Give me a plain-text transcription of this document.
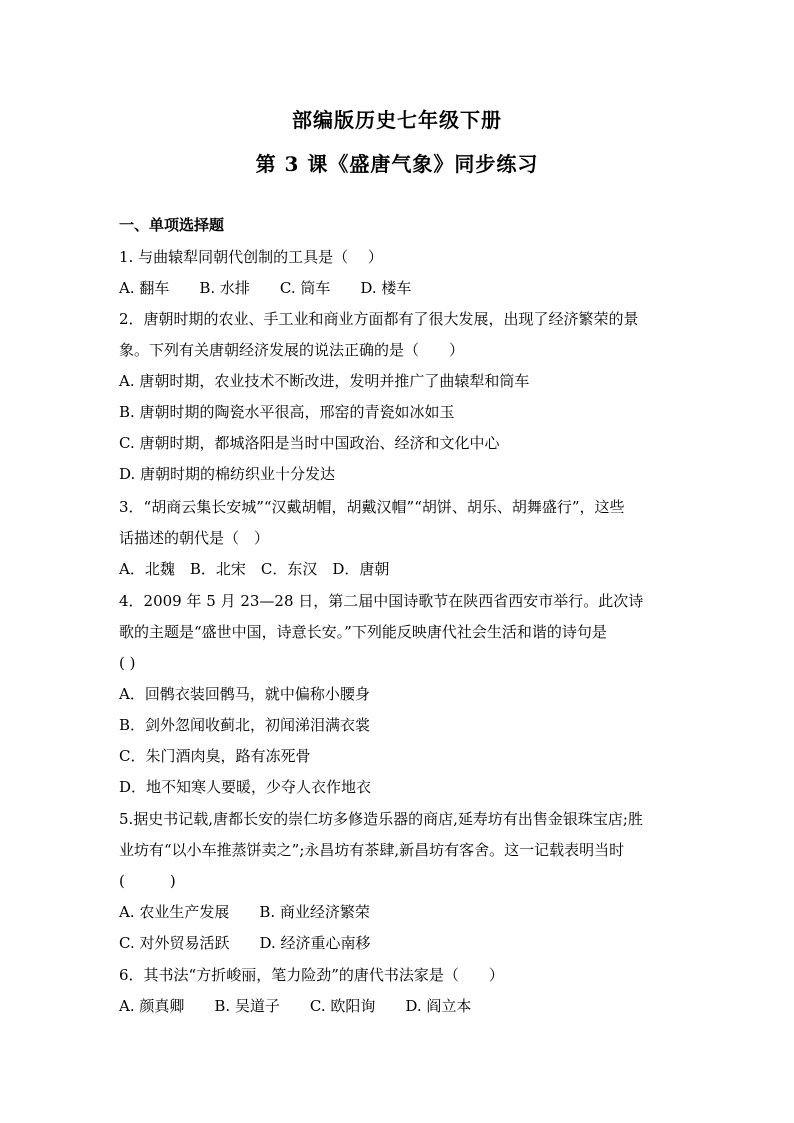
部编版历史七年级下册
第 3 课《盛唐气象》同步练习
一、单项选择题
1. 与曲辕犁同朝代创制的工具是（　 ）
A. 翻车　　B. 水排　　C. 筒车　　D. 楼车
2．唐朝时期的农业、手工业和商业方面都有了很大发展，出现了经济繁荣的景
象。下列有关唐朝经济发展的说法正确的是（　　）
A. 唐朝时期，农业技术不断改进，发明并推广了曲辕犁和筒车
B. 唐朝时期的陶瓷水平很高，邢窑的青瓷如冰如玉
C. 唐朝时期，都城洛阳是当时中国政治、经济和文化中心
D. 唐朝时期的棉纺织业十分发达
3．“胡商云集长安城”“汉戴胡帽，胡戴汉帽”“胡饼、胡乐、胡舞盛行”，这些
话描述的朝代是（　）
A．北魏　B．北宋　C．东汉　D．唐朝
4．2009 年 5 月 23—28 日，第二届中国诗歌节在陕西省西安市举行。此次诗
歌的主题是“盛世中国，诗意长安。”下列能反映唐代社会生活和谐的诗句是
( )
A．回鹘衣装回鹘马，就中偏称小腰身
B．剑外忽闻收蓟北，初闻涕泪满衣裳
C．朱门酒肉臭，路有冻死骨
D．地不知寒人要暖，少夺人衣作地衣
5.据史书记载,唐都长安的崇仁坊多修造乐器的商店,延寿坊有出售金银珠宝店;胜
业坊有“以小车推蒸饼卖之”;永昌坊有茶肆,新昌坊有客舍。这一记载表明当时
(　　　)
A. 农业生产发展　　B. 商业经济繁荣
C. 对外贸易活跃　　D. 经济重心南移
6．其书法“方折峻丽，笔力险劲”的唐代书法家是（　　）
A. 颜真卿　　B. 吴道子　　C. 欧阳询　　D. 阎立本
